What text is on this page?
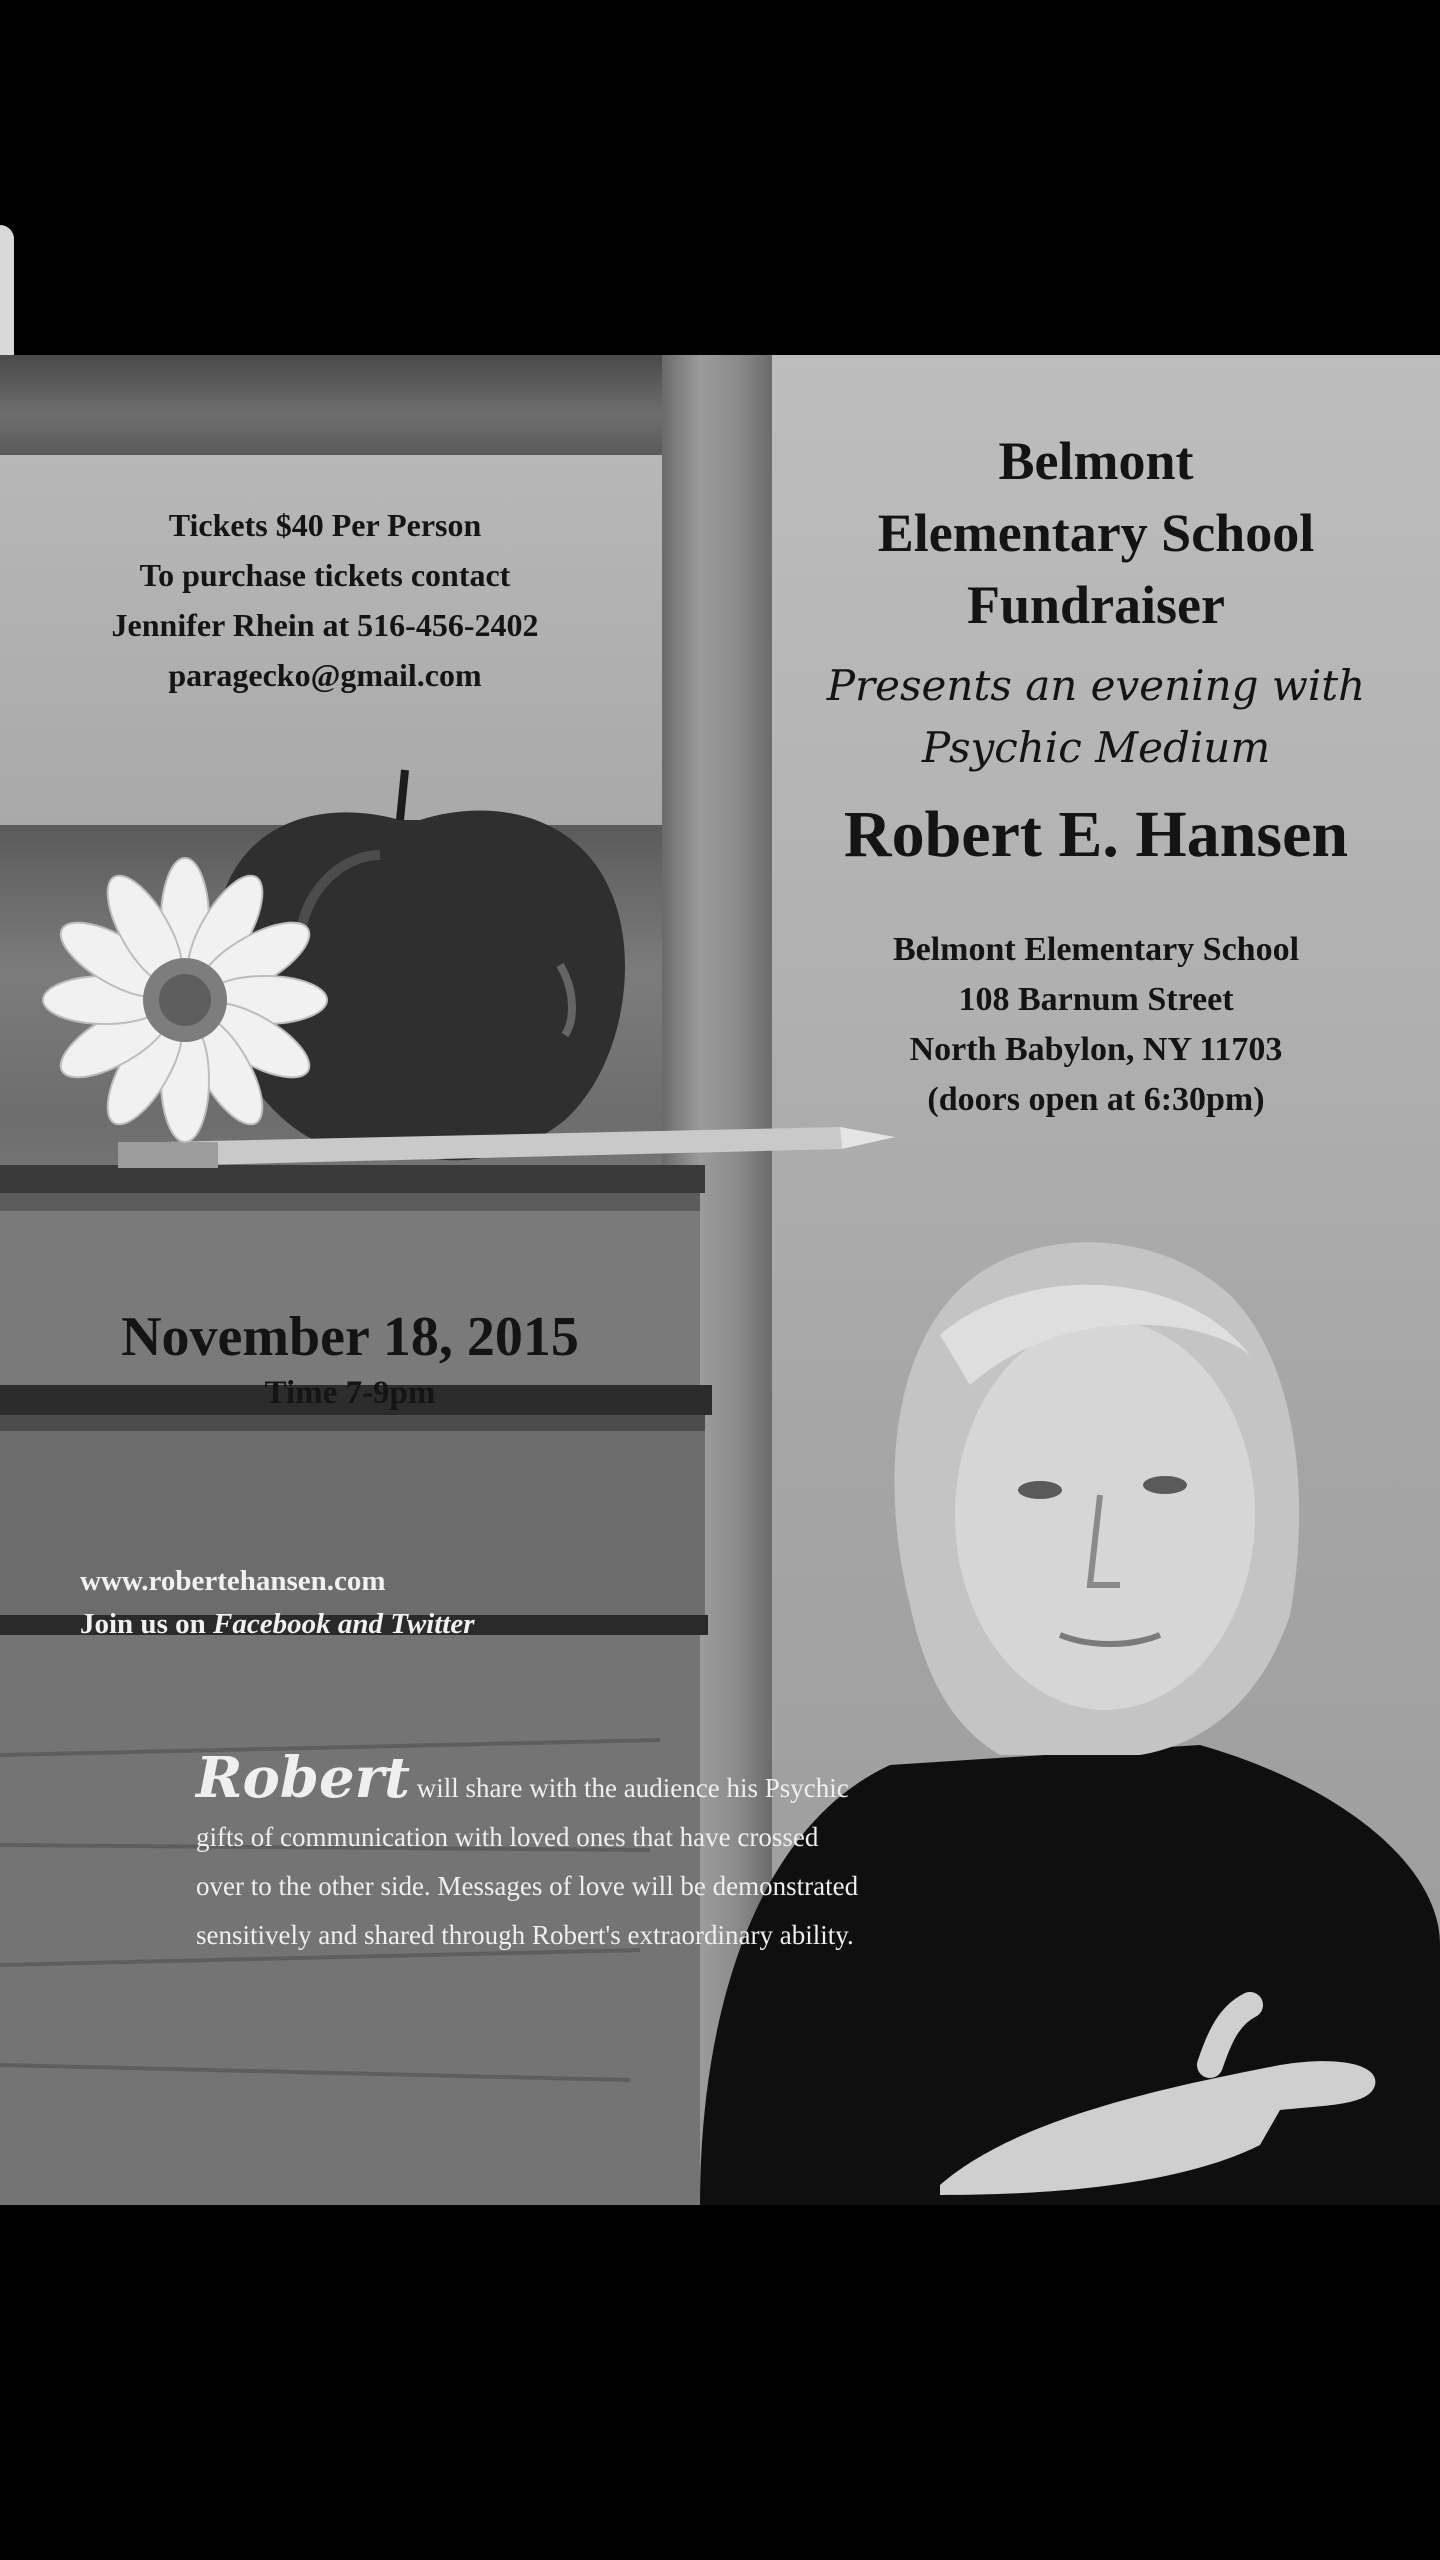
Belmont
Elementary School
Fundraiser
Presents an evening with
Psychic Medium
Robert E. Hansen
Belmont Elementary School
108 Barnum Street
North Babylon, NY 11703
(doors open at 6:30pm)
Tickets $40 Per Person
To purchase tickets contact
Jennifer Rhein at 516-456-2402
paragecko@gmail.com
November 18, 2015
Time 7-9pm
www.robertehansen.com
Join us on Facebook and Twitter
Robert will share with the audience his Psychic
gifts of communication with loved ones that have crossed
over to the other side. Messages of love will be demonstrated
sensitively and shared through Robert's extraordinary ability.
